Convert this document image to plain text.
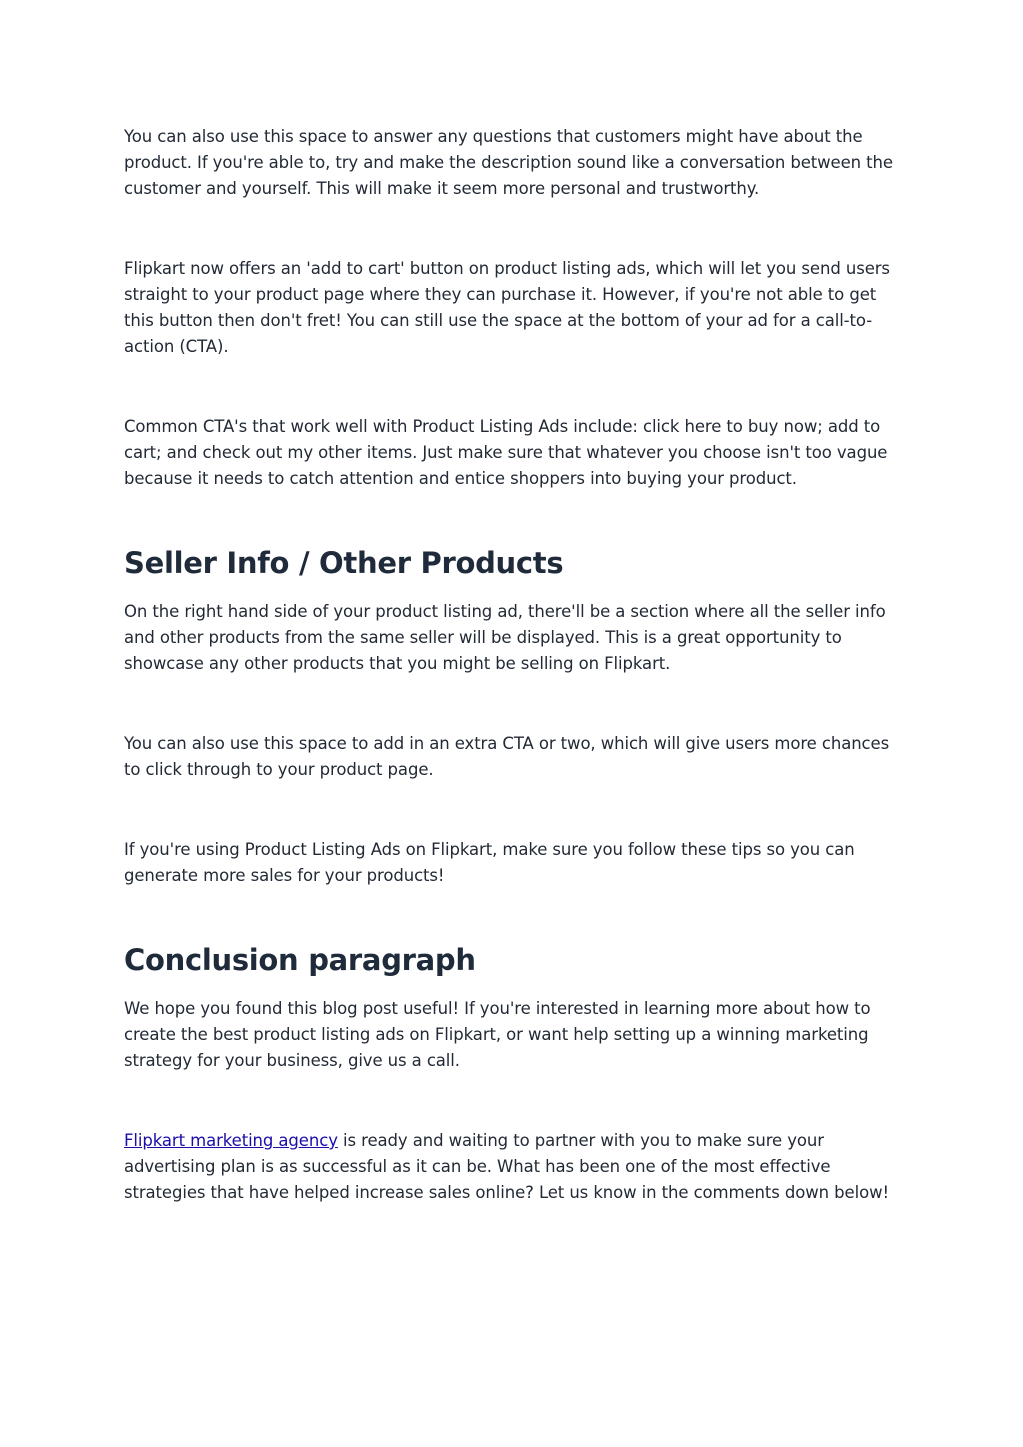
You can also use this space to answer any questions that customers might have about the product. If you're able to, try and make the description sound like a conversation between the customer and yourself. This will make it seem more personal and trustworthy.

Flipkart now offers an 'add to cart' button on product listing ads, which will let you send users straight to your product page where they can purchase it. However, if you're not able to get this button then don't fret! You can still use the space at the bottom of your ad for a call-to-action (CTA).

Common CTA's that work well with Product Listing Ads include: click here to buy now; add to cart; and check out my other items. Just make sure that whatever you choose isn't too vague because it needs to catch attention and entice shoppers into buying your product.

Seller Info / Other Products

On the right hand side of your product listing ad, there'll be a section where all the seller info and other products from the same seller will be displayed. This is a great opportunity to showcase any other products that you might be selling on Flipkart.

You can also use this space to add in an extra CTA or two, which will give users more chances to click through to your product page.

If you're using Product Listing Ads on Flipkart, make sure you follow these tips so you can generate more sales for your products!

Conclusion paragraph

We hope you found this blog post useful! If you're interested in learning more about how to create the best product listing ads on Flipkart, or want help setting up a winning marketing strategy for your business, give us a call.

Flipkart marketing agency is ready and waiting to partner with you to make sure your advertising plan is as successful as it can be. What has been one of the most effective strategies that have helped increase sales online? Let us know in the comments down below!
